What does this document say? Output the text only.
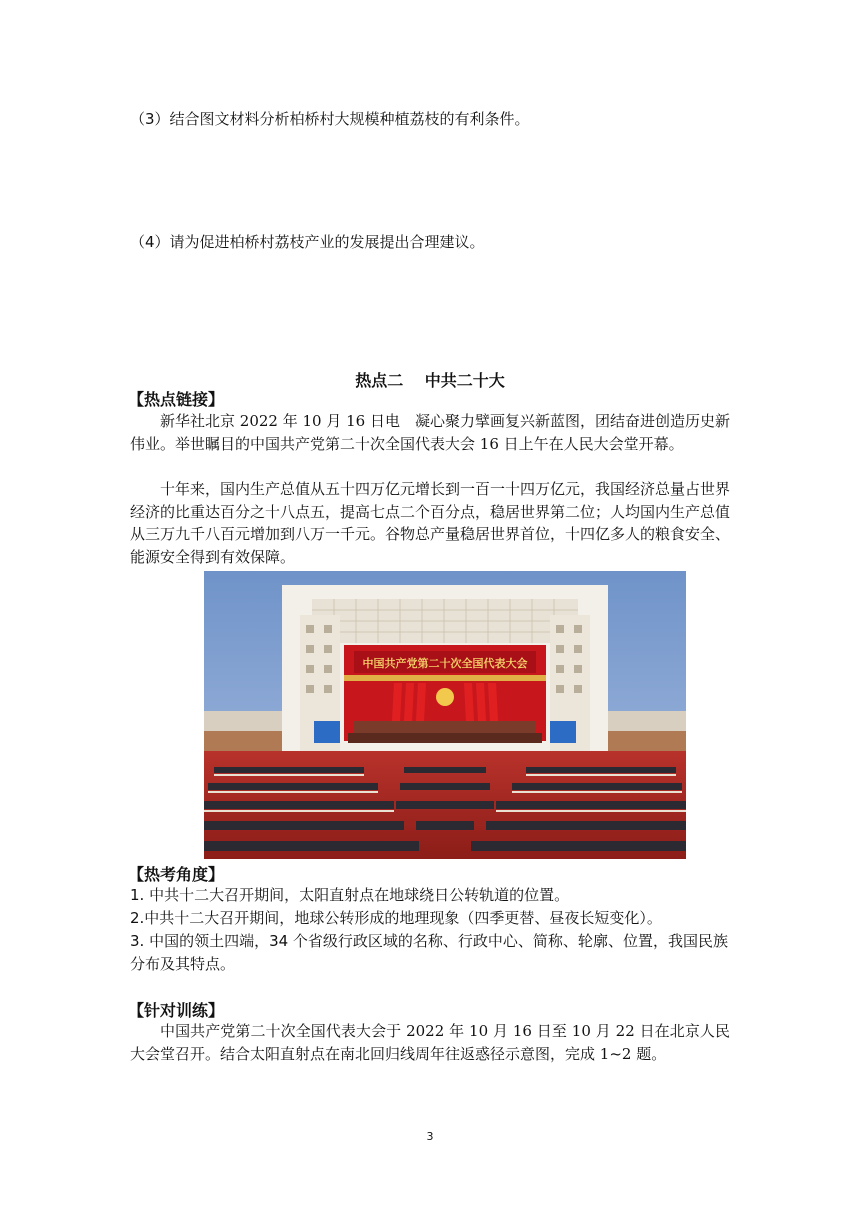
（3）结合图文材料分析柏桥村大规模种植荔枝的有利条件。
（4）请为促进柏桥村荔枝产业的发展提出合理建议。
热点二　 中共二十大
【热点链接】
新华社北京 2022 年 10 月 16 日电　凝心聚力擘画复兴新蓝图，团结奋进创造历史新伟业。举世瞩目的中国共产党第二十次全国代表大会 16 日上午在人民大会堂开幕。
十年来，国内生产总值从五十四万亿元增长到一百一十四万亿元，我国经济总量占世界经济的比重达百分之十八点五，提高七点二个百分点，稳居世界第二位；人均国内生产总值从三万九千八百元增加到八万一千元。谷物总产量稳居世界首位，十四亿多人的粮食安全、能源安全得到有效保障。
中国共产党第二十次全国代表大会
【热考角度】
1. 中共十二大召开期间，太阳直射点在地球绕日公转轨道的位置。
2.中共十二大召开期间，地球公转形成的地理现象（四季更替、昼夜长短变化）。
3. 中国的领土四端，34 个省级行政区域的名称、行政中心、简称、轮廓、位置，我国民族分布及其特点。
【针对训练】
中国共产党第二十次全国代表大会于 2022 年 10 月 16 日至 10 月 22 日在北京人民大会堂召开。结合太阳直射点在南北回归线周年往返惑径示意图，完成 1~2 题。
3
